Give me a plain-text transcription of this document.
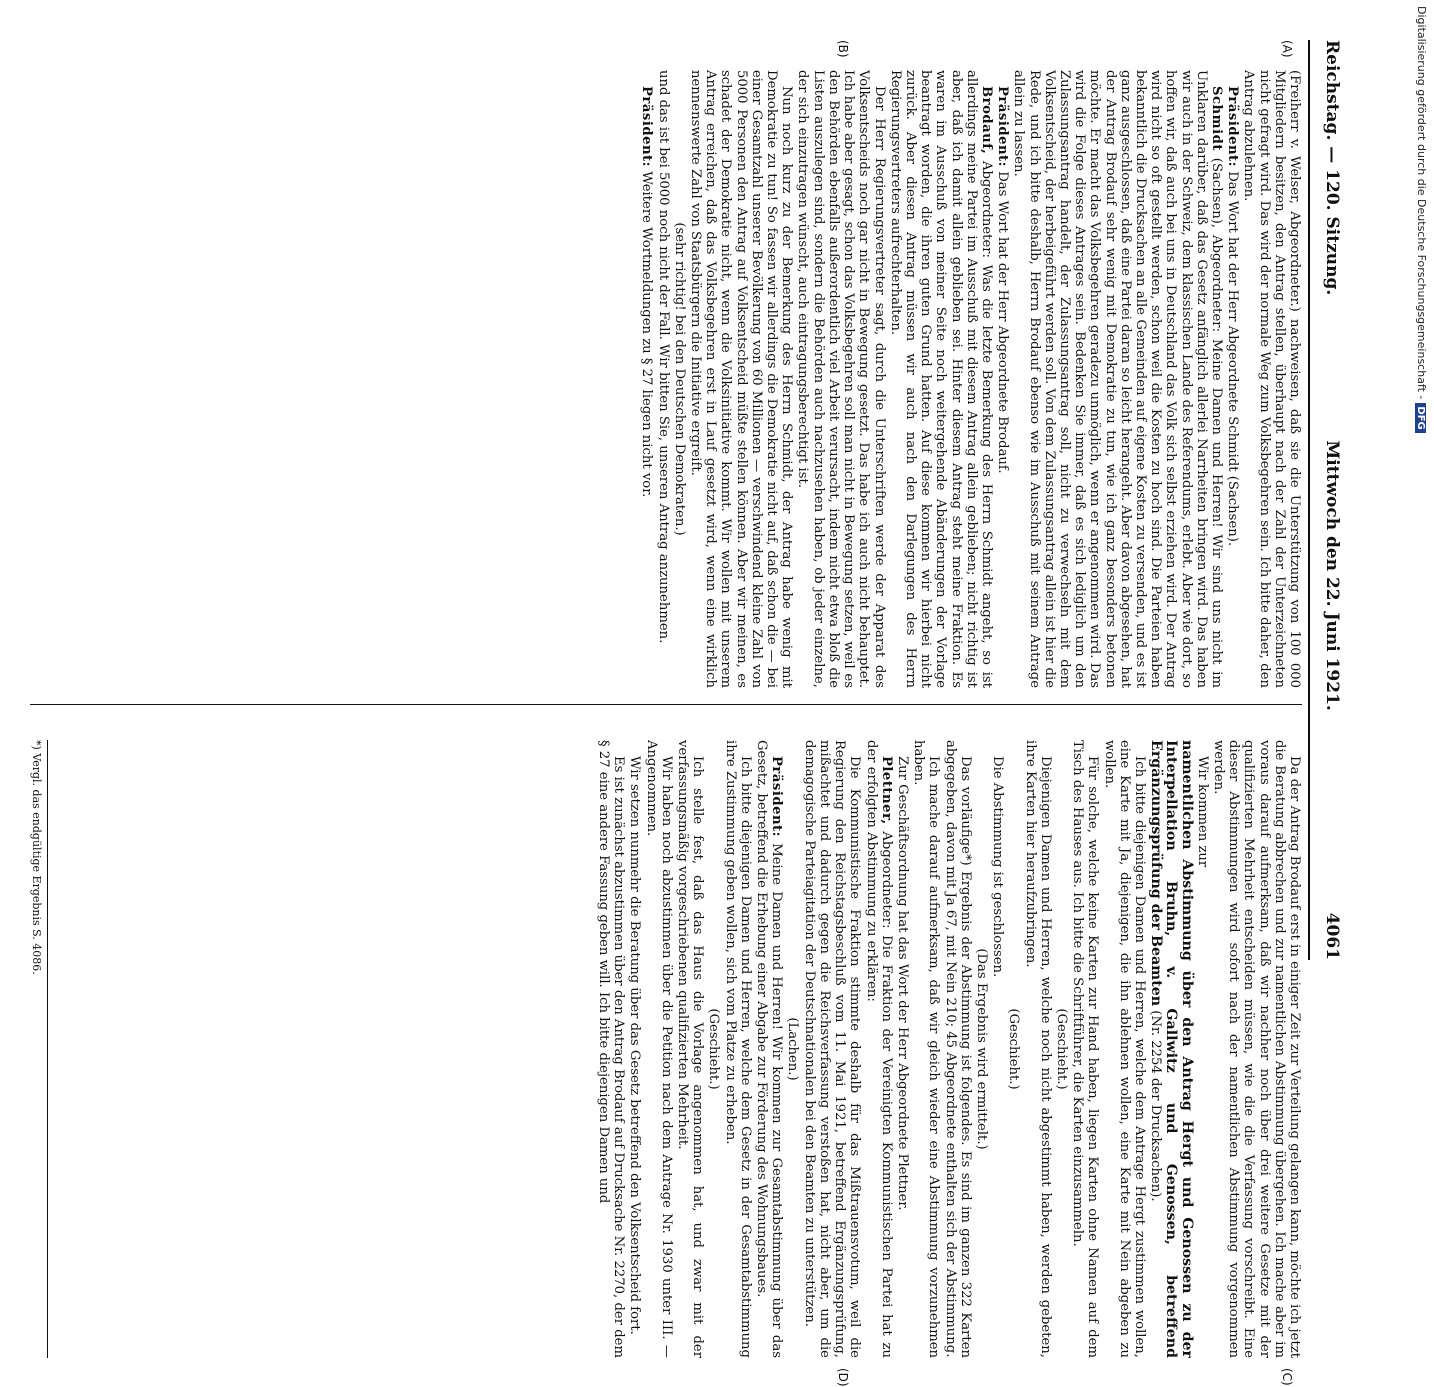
Reichstag. — 120. Sitzung.
Mittwoch den 22. Juni 1921.  4061
(A)
(B)
(C)
(D)

(Freiherr v. Welser, Abgeordneter.) nachweisen, daß sie die Unterstützung von 100 000 Mitgliedern besitzen, den Antrag stellen, überhaupt nach der Zahl der Unterzeichneten nicht gefragt wird. Das wird der normale Weg zum Volksbegehren sein. Ich bitte daher, den Antrag abzulehnen.

Präsident: Das Wort hat der Herr Abgeordnete Schmidt (Sachsen).

Schmidt (Sachsen), Abgeordneter: Meine Damen und Herren! Wir sind uns nicht im Unklaren darüber, daß das Gesetz anfänglich allerlei Narrheiten bringen wird. Das haben wir auch in der Schweiz, dem klassischen Lande des Referendums, erlebt. Aber wie dort, so hoffen wir, daß auch bei uns in Deutschland das Volk sich selbst erziehen wird. Der Antrag wird nicht so oft gestellt werden, schon weil die Kosten zu hoch sind. Die Parteien haben bekanntlich die Drucksachen an alle Gemeinden auf eigene Kosten zu versenden, und es ist ganz ausgeschlossen, daß eine Partei daran so leicht herangeht. Aber davon abgesehen, hat der Antrag Brodauf sehr wenig mit Demokratie zu tun, wie ich ganz besonders betonen möchte. Er macht das Volksbegehren geradezu unmöglich, wenn er angenommen wird. Das wird die Folge dieses Antrages sein. Bedenken Sie immer, daß es sich lediglich um den Zulassungsantrag handelt, der Zulassungsantrag soll, nicht zu verwechseln mit dem Volksentscheid, der herbeigeführt werden soll. Von dem Zulassungsantrag allein ist hier die Rede, und ich bitte deshalb, Herrn Brodauf ebenso wie im Ausschuß mit seinem Antrage allein zu lassen.

Präsident: Das Wort hat der Herr Abgeordnete Brodauf.

Brodauf, Abgeordneter: Was die letzte Bemerkung des Herrn Schmidt angeht, so ist allerdings meine Partei im Ausschuß mit diesem Antrag allein geblieben; nicht richtig ist aber, daß ich damit allein geblieben sei. Hinter diesem Antrag steht meine Fraktion. Es waren im Ausschuß von meiner Seite noch weitergehende Abänderungen der Vorlage beantragt worden, die ihren guten Grund hatten. Auf diese kommen wir hierbei nicht zurück. Aber diesen Antrag müssen wir auch nach den Darlegungen des Herrn Regierungsvertreters aufrechterhalten.

Der Herr Regierungsvertreter sagt, durch die Unterschriften werde der Apparat des Volksentscheids noch gar nicht in Bewegung gesetzt. Das habe ich auch nicht behauptet. Ich habe aber gesagt, schon das Volksbegehren soll man nicht in Bewegung setzen, weil es den Behörden ebenfalls außerordentlich viel Arbeit verursacht, indem nicht etwa bloß die Listen auszulegen sind, sondern die Behörden auch nachzusehen haben, ob jeder einzelne, der sich einzutragen wünscht, auch eintragungsberechtigt ist.

Nun noch kurz zu der Bemerkung des Herrn Schmidt, der Antrag habe wenig mit Demokratie zu tun! So fassen wir allerdings die Demokratie nicht auf, daß schon die — bei einer Gesamtzahl unserer Bevölkerung von 60 Millionen — verschwindend kleine Zahl von 5000 Personen den Antrag auf Volksentscheid müßte stellen können. Aber wir meinen, es schadet der Demokratie nicht, wenn die Volksinitiative kommt. Wir wollen mit unserem Antrag erreichen, daß das Volksbegehren erst in Lauf gesetzt wird, wenn eine wirklich nennenswerte Zahl von Staatsbürgern die Initiative ergreift.

(sehr richtig! bei den Deutschen Demokraten.)

und das ist bei 5000 noch nicht der Fall. Wir bitten Sie, unseren Antrag anzunehmen.

Präsident: Weitere Wortmeldungen zu § 27 liegen nicht vor.

Da der Antrag Brodauf erst in einiger Zeit zur Verteilung gelangen kann, möchte ich jetzt die Beratung abbrechen und zur namentlichen Abstimmung übergehen. Ich mache aber im voraus darauf aufmerksam, daß wir nachher noch über drei weitere Gesetze mit der qualifizierten Mehrheit entscheiden müssen, wie die die Verfassung vorschreibt. Eine dieser Abstimmungen wird sofort nach der namentlichen Abstimmung vorgenommen werden.

Wir kommen zur

namentlichen Abstimmung über den Antrag Hergt und Genossen zu der Interpellation Bruhn, v. Gallwitz und Genossen, betreffend Ergänzungsprüfung der Beamten (Nr. 2254 der Drucksachen).

Ich bitte diejenigen Damen und Herren, welche dem Antrage Hergt zustimmen wollen, eine Karte mit Ja, diejenigen, die ihn ablehnen wollen, eine Karte mit Nein abgeben zu wollen.

Für solche, welche keine Karten zur Hand haben, liegen Karten ohne Namen auf dem Tisch des Hauses aus. Ich bitte die Schriftführer, die Karten einzusammeln.

(Geschieht.)

Diejenigen Damen und Herren, welche noch nicht abgestimmt haben, werden gebeten, ihre Karten hier heraufzubringen.

(Geschieht.)

Die Abstimmung ist geschlossen.

(Das Ergebnis wird ermittelt.)

Das vorläufige*) Ergebnis der Abstimmung ist folgendes. Es sind im ganzen 322 Karten abgegeben, davon mit Ja 67, mit Nein 210; 45 Abgeordnete enthalten sich der Abstimmung.

Ich mache darauf aufmerksam, daß wir gleich wieder eine Abstimmung vorzunehmen haben.

Zur Geschäftsordnung hat das Wort der Herr Abgeordnete Plettner.

Plettner, Abgeordneter: Die Fraktion der Vereinigten Kommunistischen Partei hat zu der erfolgten Abstimmung zu erklären:

Die Kommunistische Fraktion stimmte deshalb für das Mißtrauensvotum, weil die Regierung den Reichstagsbeschluß vom 11. Mai 1921, betreffend Ergänzungsprüfung, mißachtet und dadurch gegen die Reichsverfassung verstoßen hat, nicht aber, um die demagogische Parteiagitation der Deutschnationalen bei den Beamten zu unterstützen.

(Lachen.)

Präsident: Meine Damen und Herren! Wir kommen zur Gesamtabstimmung über das Gesetz, betreffend die Erhebung einer Abgabe zur Förderung des Wohnungsbaues.

Ich bitte diejenigen Damen und Herren, welche dem Gesetz in der Gesamtabstimmung ihre Zustimmung geben wollen, sich vom Platze zu erheben.

(Geschieht.)

Ich stelle fest, daß das Haus die Vorlage angenommen hat, und zwar mit der verfassungsmäßig vorgeschriebenen qualifizierten Mehrheit.

Wir haben noch abzustimmen über die Petition nach dem Antrage Nr. 1930 unter III. — Angenommen.

Wir setzen nunmehr die Beratung über das Gesetz betreffend den Volksentscheid fort.

Es ist zunächst abzustimmen über den Antrag Brodauf auf Drucksache Nr. 2270, der dem § 27 eine andere Fassung geben will. Ich bitte diejenigen Damen und

*) Vergl. das endgültige Ergebnis S. 4086.
Digitalisierung gefördert durch die Deutsche Forschungsgemeinschaft -DFG
